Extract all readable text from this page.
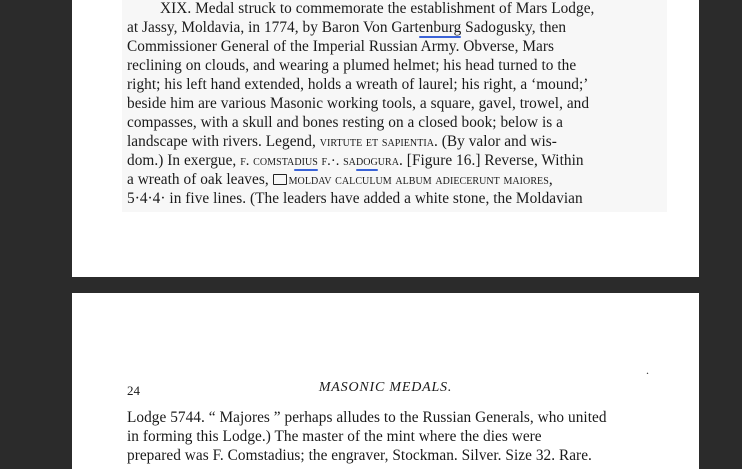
XIX. Medal struck to commemorate the establishment of Mars Lodge,
at Jassy, Moldavia, in 1774, by Baron Von Gartenburg Sadogusky, then
Commissioner General of the Imperial Russian Army. Obverse, Mars
reclining on clouds, and wearing a plumed helmet; his head turned to the
right; his left hand extended, holds a wreath of laurel; his right, a ‘mound;’
beside him are various Masonic working tools, a square, gavel, trowel, and
compasses, with a skull and bones resting on a closed book; below is a
landscape with rivers. Legend, virtute et sapientia. (By valor and wis-
dom.) In exergue, f. comstadius f.·. sadogura. [Figure 16.] Reverse, Within
a wreath of oak leaves, moldav calculum album adiecerunt maiores,
5·4·4· in five lines. (The leaders have added a white stone, the Moldavian
.
24	MASONIC MEDALS.
Lodge 5744. “ Majores ” perhaps alludes to the Russian Generals, who united
in forming this Lodge.) The master of the mint where the dies were
prepared was F. Comstadius; the engraver, Stockman. Silver. Size 32. Rare.
